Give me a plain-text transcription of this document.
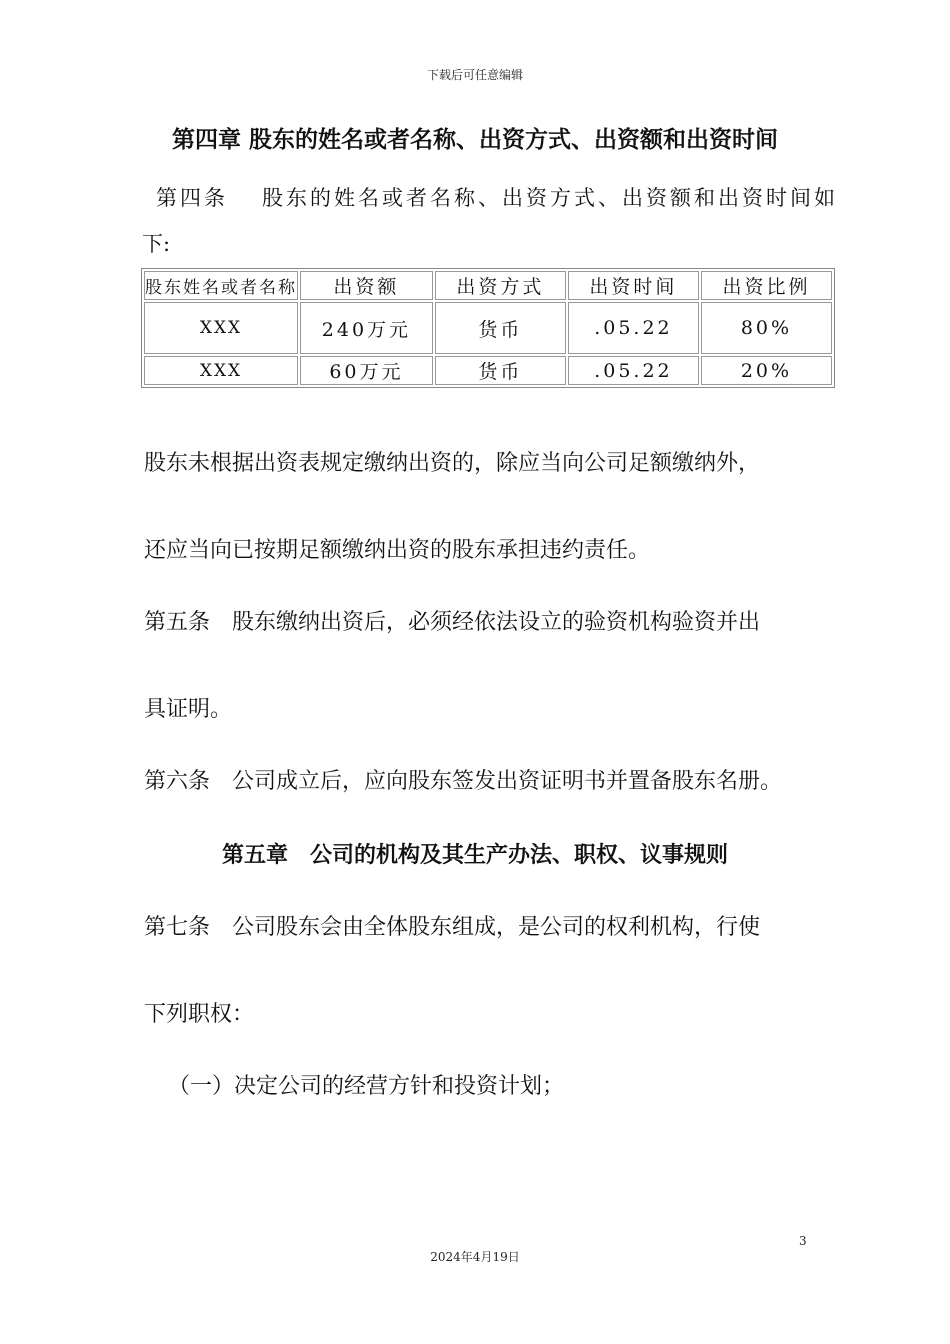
下载后可任意编辑
第四章 股东的姓名或者名称、出资方式、出资额和出资时间
第四条 股东的姓名或者名称、出资方式、出资额和出资时间如
下:
股东姓名或者名称	出资额	出资方式	出资时间	出资比例
XXX	240万元	货币	.05.22	80%
XXX	60万元	货币	.05.22	20%
股东未根据出资表规定缴纳出资的，除应当向公司足额缴纳外，
还应当向已按期足额缴纳出资的股东承担违约责任。
第五条 股东缴纳出资后，必须经依法设立的验资机构验资并出
具证明。
第六条 公司成立后，应向股东签发出资证明书并置备股东名册。
第五章 公司的机构及其生产办法、职权、议事规则
第七条 公司股东会由全体股东组成，是公司的权利机构，行使
下列职权：
（一）决定公司的经营方针和投资计划；
3
2024年4月19日
